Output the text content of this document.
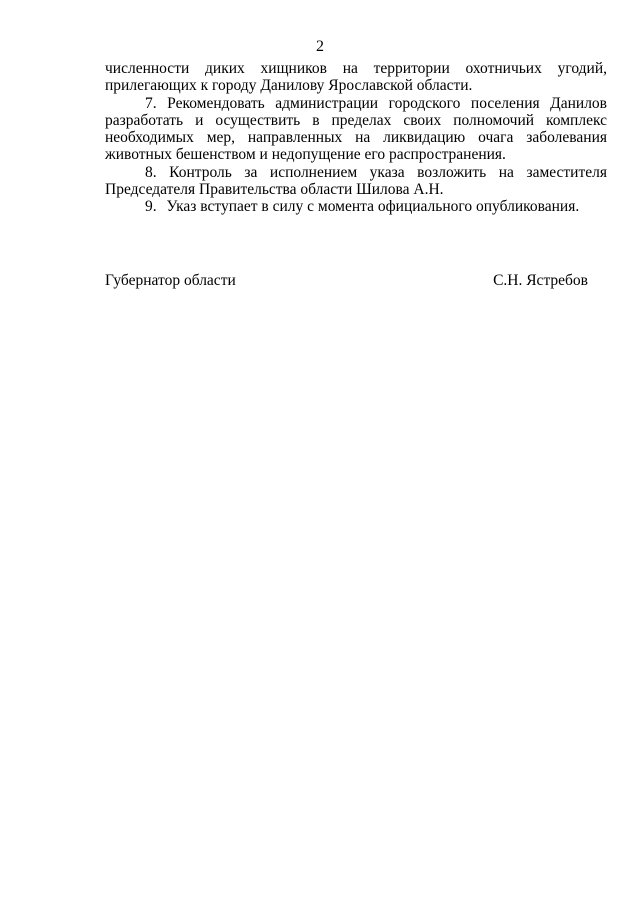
2

численности диких хищников на территории охотничьих угодий, прилегающих к городу Данилову Ярославской области.

7. Рекомендовать администрации городского поселения Данилов разработать и осуществить в пределах своих полномочий комплекс необходимых мер, направленных на ликвидацию очага заболевания животных бешенством и недопущение его распространения.

8. Контроль за исполнением указа возложить на заместителя Председателя Правительства области Шилова А.Н.

9. Указ вступает в силу с момента официального опубликования.

Губернатор области	С.Н. Ястребов
